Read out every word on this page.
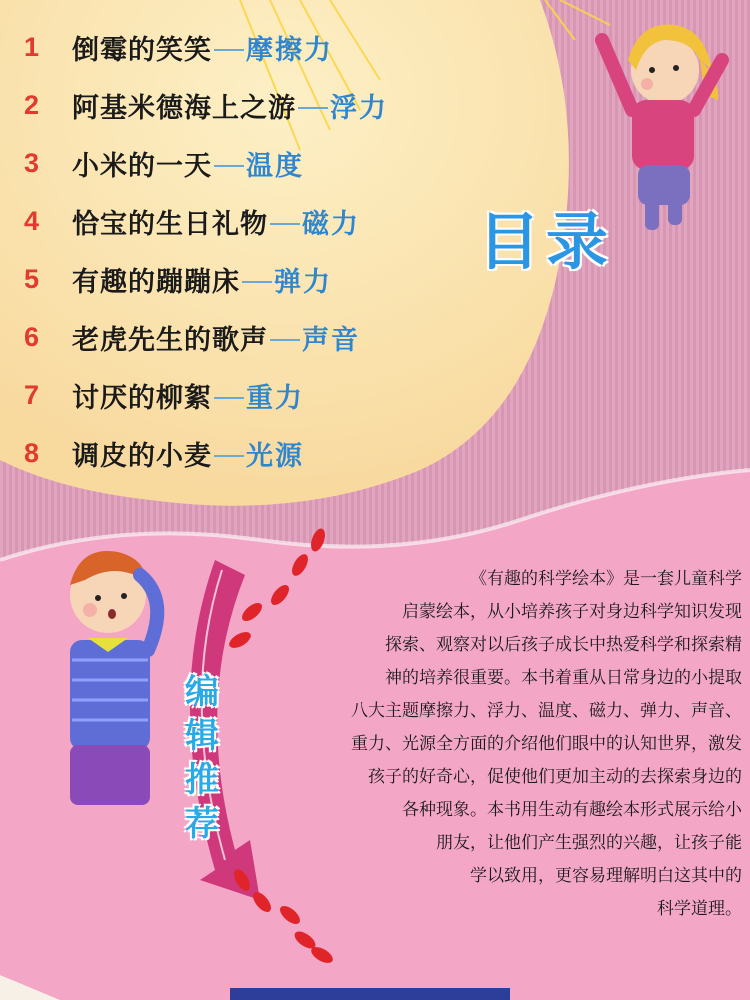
1	倒霉的笑笑 摩擦力
2	阿基米德海上之游 浮力
3	小米的一天 温度
4	恰宝的生日礼物 磁力
5	有趣的蹦蹦床 弹力
6	老虎先生的歌声 声音
7	讨厌的柳絮 重力
8	调皮的小麦 光源
目录
编
辑
推
荐
《有趣的科学绘本》是一套儿童科学
启蒙绘本，从小培养孩子对身边科学知识发现
探索、观察对以后孩子成长中热爱科学和探索精
神的培养很重要。本书着重从日常身边的小提取
八大主题摩擦力、浮力、温度、磁力、弹力、声音、
重力、光源全方面的介绍他们眼中的认知世界，激发
孩子的好奇心，促使他们更加主动的去探索身边的
各种现象。本书用生动有趣绘本形式展示给小
朋友，让他们产生强烈的兴趣，让孩子能
学以致用，更容易理解明白这其中的
科学道理。
